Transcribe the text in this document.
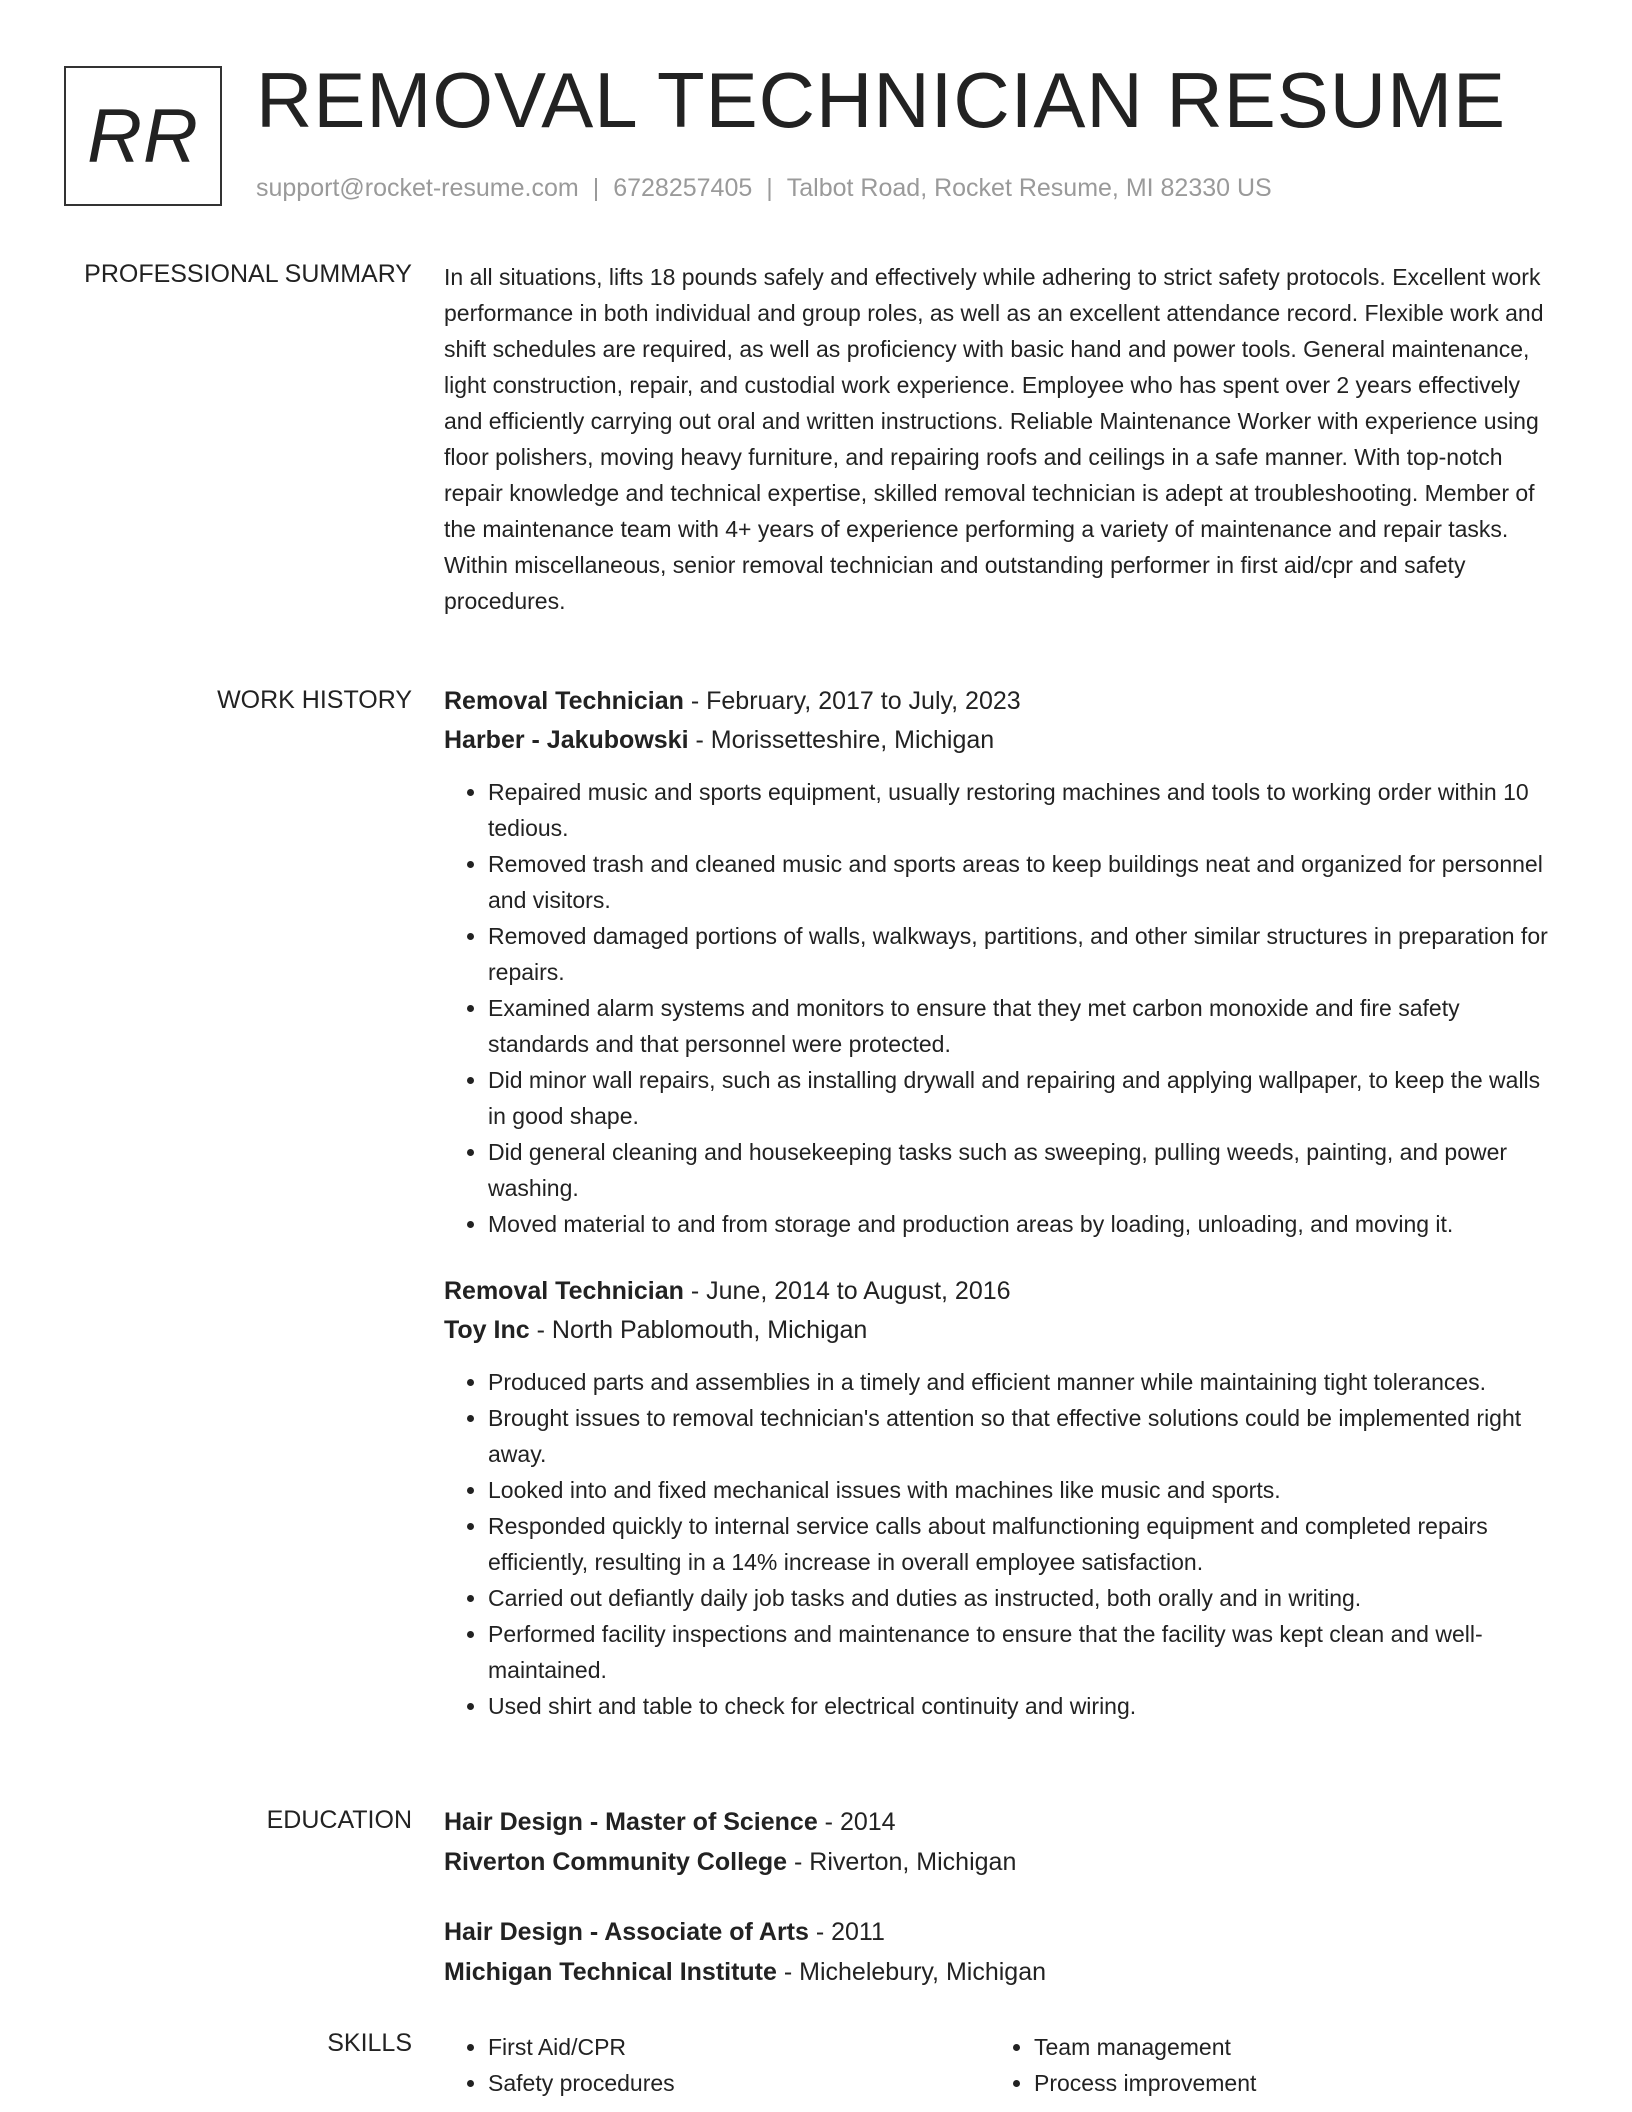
RR REMOVAL TECHNICIAN RESUME
support@rocket-resume.com | 6728257405 | Talbot Road, Rocket Resume, MI 82330 US
PROFESSIONAL SUMMARY In all situations, lifts 18 pounds safely and effectively while adhering to strict safety protocols. Excellent work performance in both individual and group roles, as well as an excellent attendance record. Flexible work and shift schedules are required, as well as proficiency with basic hand and power tools. General maintenance, light construction, repair, and custodial work experience. Employee who has spent over 2 years effectively and efficiently carrying out oral and written instructions. Reliable Maintenance Worker with experience using floor polishers, moving heavy furniture, and repairing roofs and ceilings in a safe manner. With top-notch repair knowledge and technical expertise, skilled removal technician is adept at troubleshooting. Member of the maintenance team with 4+ years of experience performing a variety of maintenance and repair tasks. Within miscellaneous, senior removal technician and outstanding performer in first aid/cpr and safety procedures.

WORK HISTORY Removal Technician - February, 2017 to July, 2023
Harber - Jakubowski - Morissetteshire, Michigan
• Repaired music and sports equipment, usually restoring machines and tools to working order within 10 tedious.
• Removed trash and cleaned music and sports areas to keep buildings neat and organized for personnel and visitors.
• Removed damaged portions of walls, walkways, partitions, and other similar structures in preparation for repairs.
• Examined alarm systems and monitors to ensure that they met carbon monoxide and fire safety standards and that personnel were protected.
• Did minor wall repairs, such as installing drywall and repairing and applying wallpaper, to keep the walls in good shape.
• Did general cleaning and housekeeping tasks such as sweeping, pulling weeds, painting, and power washing.
• Moved material to and from storage and production areas by loading, unloading, and moving it.
Removal Technician - June, 2014 to August, 2016
Toy Inc - North Pablomouth, Michigan
• Produced parts and assemblies in a timely and efficient manner while maintaining tight tolerances.
• Brought issues to removal technician's attention so that effective solutions could be implemented right away.
• Looked into and fixed mechanical issues with machines like music and sports.
• Responded quickly to internal service calls about malfunctioning equipment and completed repairs efficiently, resulting in a 14% increase in overall employee satisfaction.
• Carried out defiantly daily job tasks and duties as instructed, both orally and in writing.
• Performed facility inspections and maintenance to ensure that the facility was kept clean and well-maintained.
• Used shirt and table to check for electrical continuity and wiring.
EDUCATION Hair Design - Master of Science - 2014
Riverton Community College - Riverton, Michigan
Hair Design - Associate of Arts - 2011
Michigan Technical Institute - Michelebury, Michigan
SKILLS
•	First Aid/CPR
• Safety procedures
• Team management
• Process improvement
